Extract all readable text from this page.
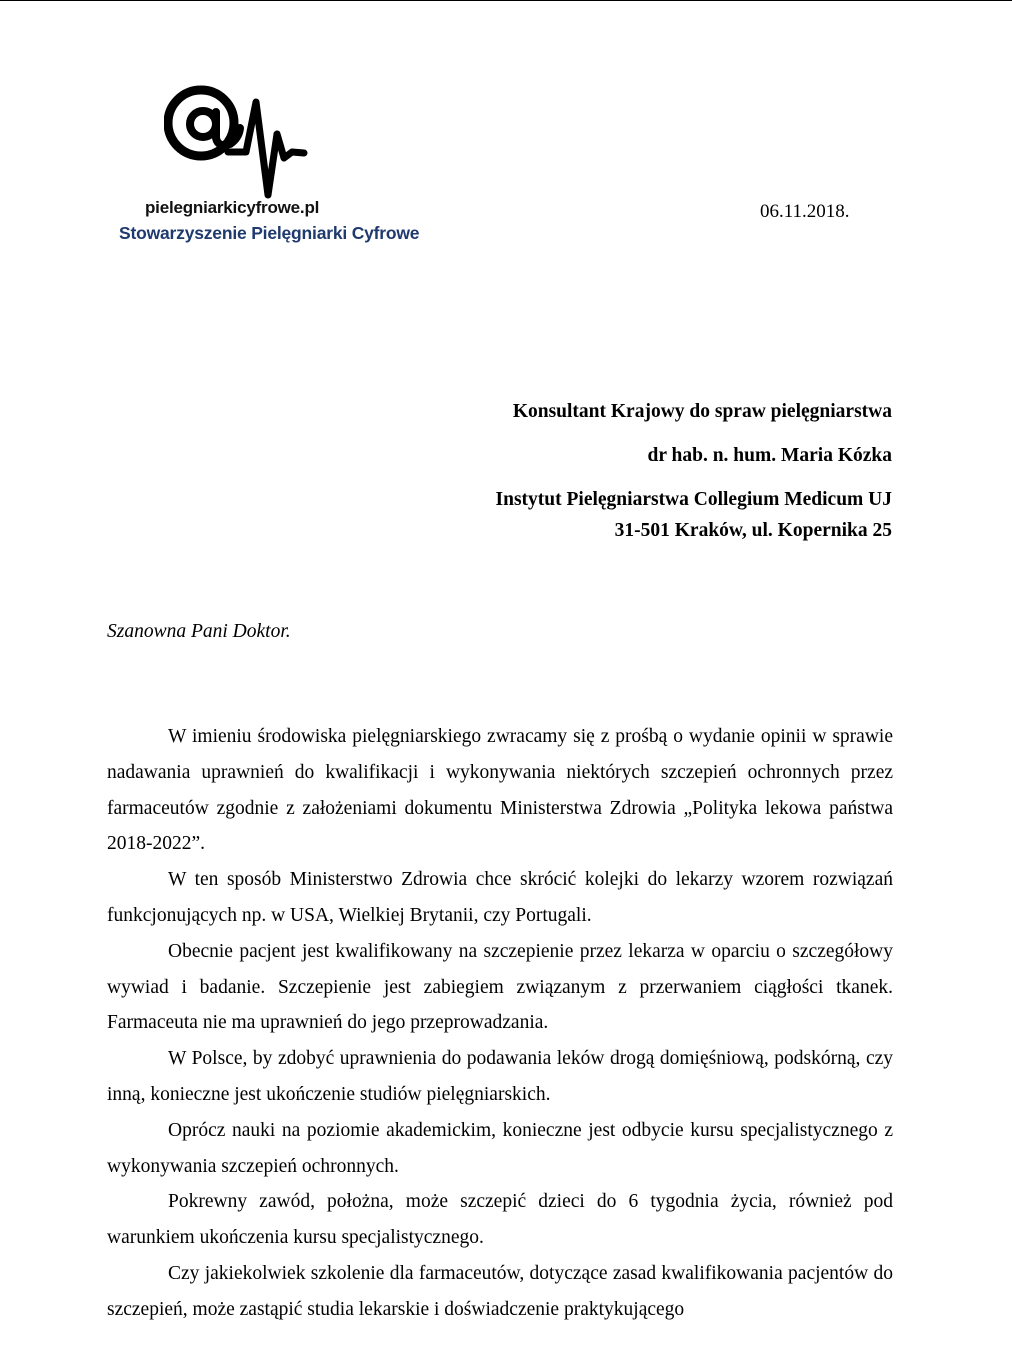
pielegniarkicyfrowe.pl
Stowarzyszenie Pielęgniarki Cyfrowe
06.11.2018.
Konsultant Krajowy do spraw pielęgniarstwa
dr hab. n. hum. Maria Kózka
Instytut Pielęgniarstwa Collegium Medicum UJ
31-501 Kraków, ul. Kopernika 25
Szanowna Pani Doktor.

W imieniu środowiska pielęgniarskiego zwracamy się z prośbą o wydanie opinii w sprawie nadawania uprawnień do kwalifikacji i wykonywania niektórych szczepień ochronnych przez farmaceutów zgodnie z założeniami dokumentu Ministerstwa Zdrowia „Polityka lekowa państwa 2018-2022”.

W ten sposób Ministerstwo Zdrowia chce skrócić kolejki do lekarzy wzorem rozwiązań funkcjonujących np. w USA, Wielkiej Brytanii, czy Portugali.

Obecnie pacjent jest kwalifikowany na szczepienie przez lekarza w oparciu o szczegółowy wywiad i badanie. Szczepienie jest zabiegiem związanym z przerwaniem ciągłości tkanek. Farmaceuta nie ma uprawnień do jego przeprowadzania.

W Polsce, by zdobyć uprawnienia do podawania leków drogą domięśniową, podskórną, czy inną, konieczne jest ukończenie studiów pielęgniarskich.

Oprócz nauki na poziomie akademickim, konieczne jest odbycie kursu specjalistycznego z wykonywania szczepień ochronnych.

Pokrewny zawód, położna, może szczepić dzieci do 6 tygodnia życia, również pod warunkiem ukończenia kursu specjalistycznego.

Czy jakiekolwiek szkolenie dla farmaceutów, dotyczące zasad kwalifikowania pacjentów do szczepień, może zastąpić studia lekarskie i doświadczenie praktykującego
